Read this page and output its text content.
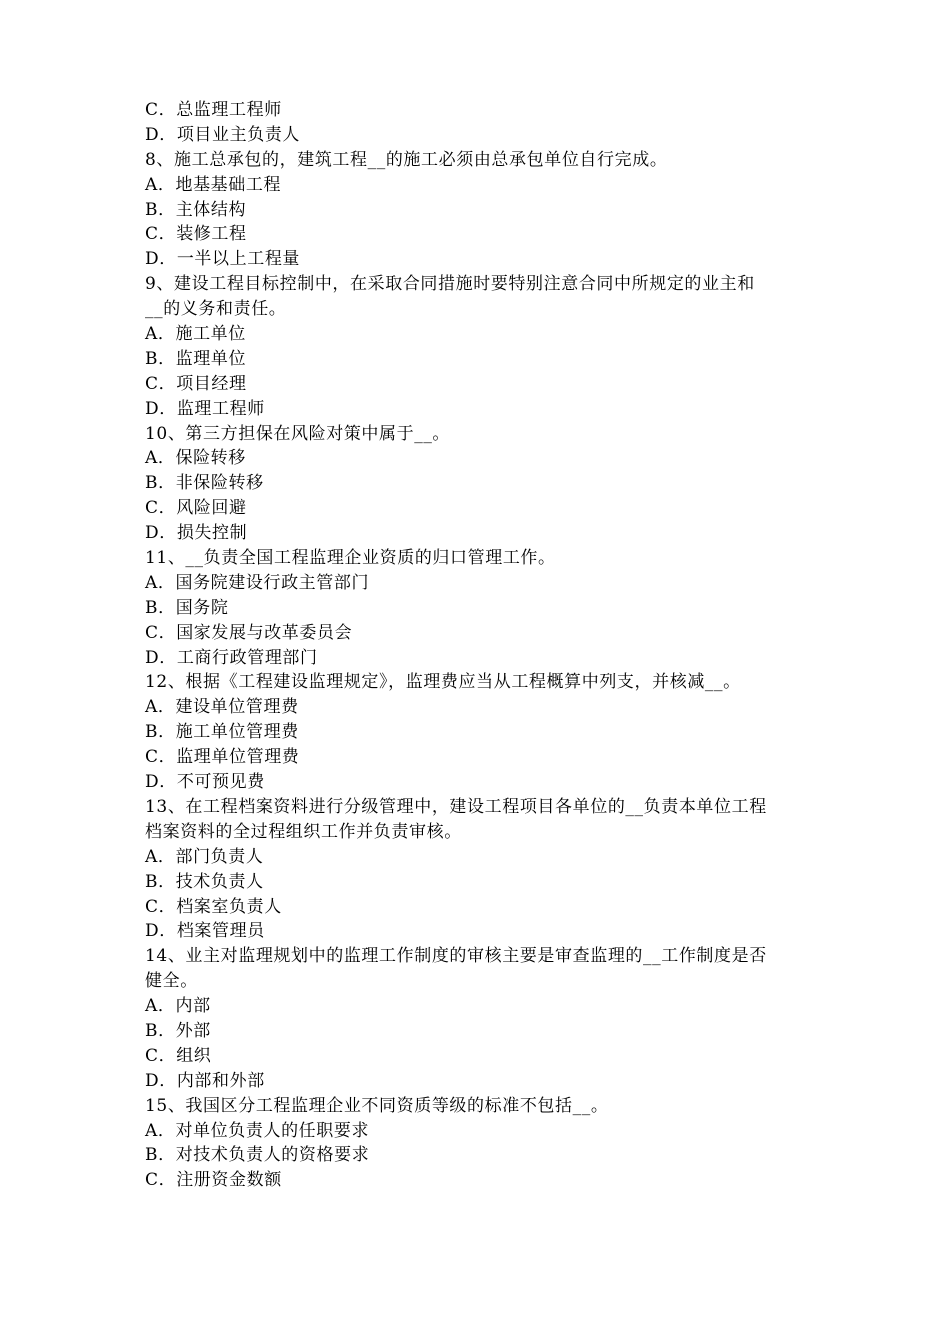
C．总监理工程师
D．项目业主负责人
8、施工总承包的，建筑工程__的施工必须由总承包单位自行完成。
A．地基基础工程
B．主体结构
C．装修工程
D．一半以上工程量
9、建设工程目标控制中，在采取合同措施时要特别注意合同中所规定的业主和
__的义务和责任。
A．施工单位
B．监理单位
C．项目经理
D．监理工程师
10、第三方担保在风险对策中属于__。
A．保险转移
B．非保险转移
C．风险回避
D．损失控制
11、__负责全国工程监理企业资质的归口管理工作。
A．国务院建设行政主管部门
B．国务院
C．国家发展与改革委员会
D．工商行政管理部门
12、根据《工程建设监理规定》，监理费应当从工程概算中列支，并核减__。
A．建设单位管理费
B．施工单位管理费
C．监理单位管理费
D．不可预见费
13、在工程档案资料进行分级管理中，建设工程项目各单位的__负责本单位工程
档案资料的全过程组织工作并负责审核。
A．部门负责人
B．技术负责人
C．档案室负责人
D．档案管理员
14、业主对监理规划中的监理工作制度的审核主要是审查监理的__工作制度是否
健全。
A．内部
B．外部
C．组织
D．内部和外部
15、我国区分工程监理企业不同资质等级的标准不包括__。
A．对单位负责人的任职要求
B．对技术负责人的资格要求
C．注册资金数额
